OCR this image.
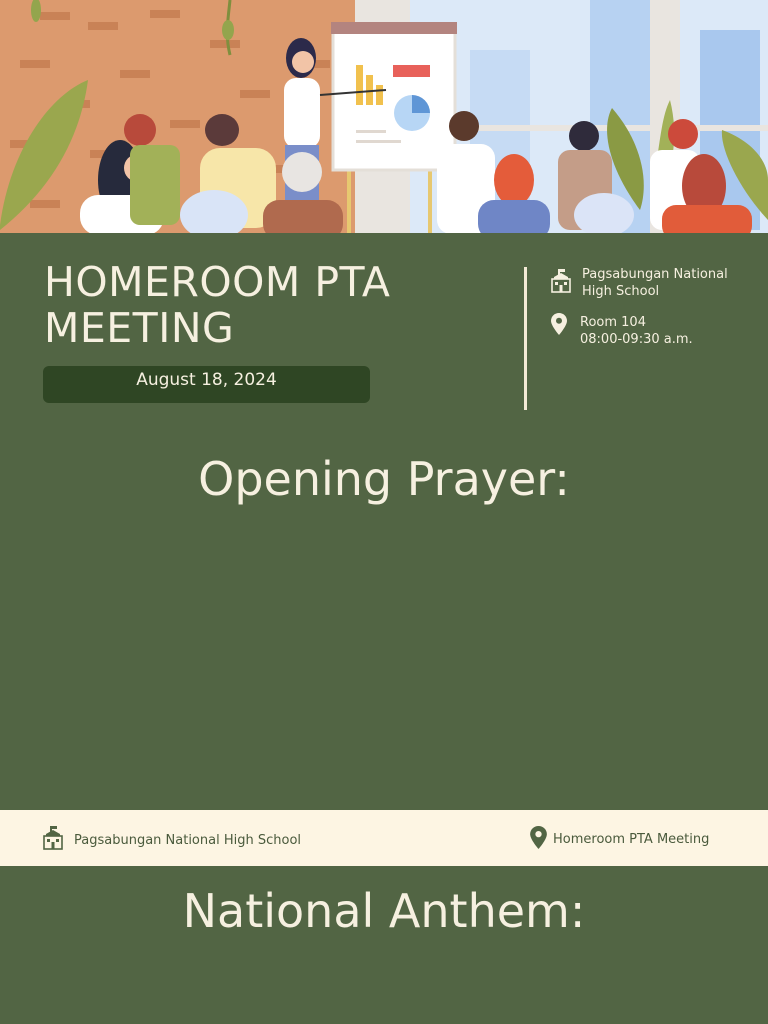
HOMEROOM PTA MEETING
August 18, 2024
Pagsabungan National High School
Room 104
08:00-09:30 a.m.
Opening Prayer:
Pagsabungan National High School	Homeroom PTA Meeting
National Anthem:
